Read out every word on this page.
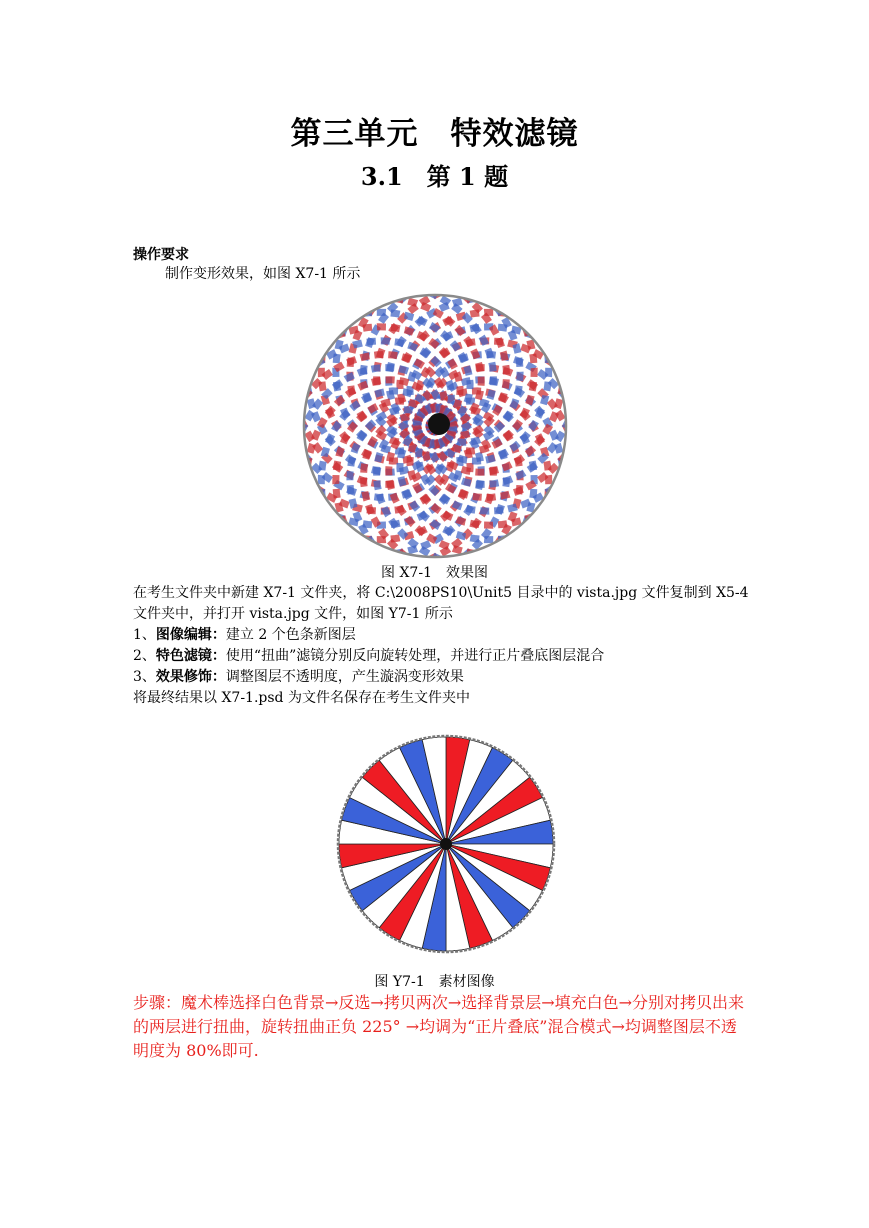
第三单元　特效滤镜
3.1　第 1 题
操作要求
制作变形效果，如图 X7-1 所示
图 X7-1　效果图
在考生文件夹中新建 X7-1 文件夹，将 C:\2008PS10\Unit5 目录中的 vista.jpg 文件复制到 X5-4
文件夹中，并打开 vista.jpg 文件，如图 Y7-1 所示
1、图像编辑：建立 2 个色条新图层
2、特色滤镜：使用“扭曲”滤镜分别反向旋转处理，并进行正片叠底图层混合
3、效果修饰：调整图层不透明度，产生漩涡变形效果
将最终结果以 X7-1.psd 为文件名保存在考生文件夹中
图 Y7-1　素材图像
步骤：魔术棒选择白色背景→反选→拷贝两次→选择背景层→填充白色→分别对拷贝出来的两层进行扭曲，旋转扭曲正负 225° →均调为“正片叠底”混合模式→均调整图层不透明度为 80%即可.
